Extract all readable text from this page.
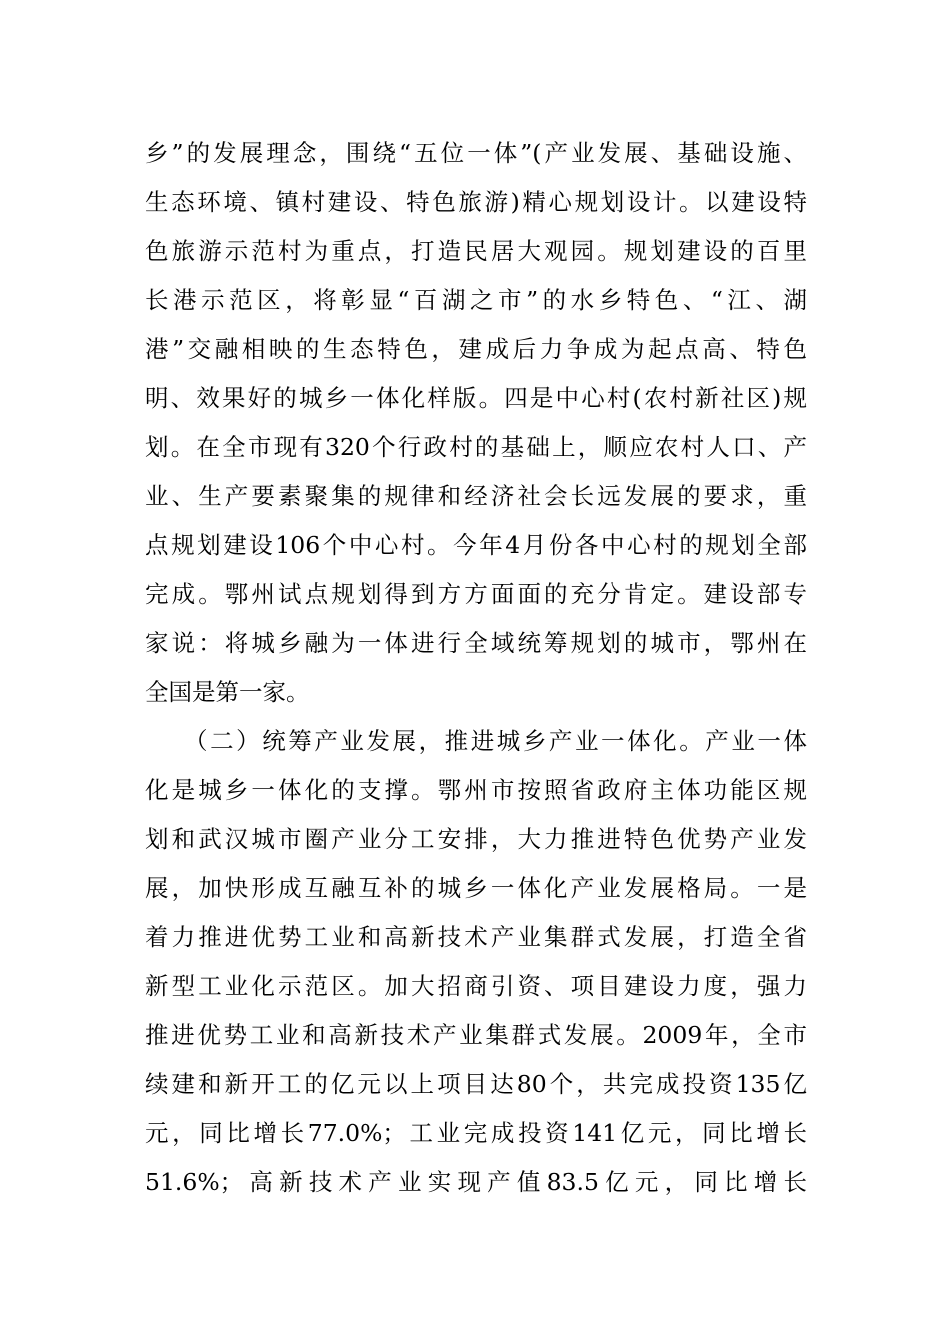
乡”的发展理念，围绕“五位一体”(产业发展、基础设施、
生态环境、镇村建设、特色旅游)精心规划设计。以建设特
色旅游示范村为重点，打造民居大观园。规划建设的百里
长港示范区，将彰显“百湖之市”的水乡特色、“江、湖
港”交融相映的生态特色，建成后力争成为起点高、特色
明、效果好的城乡一体化样版。四是中心村(农村新社区)规
划。在全市现有320个行政村的基础上，顺应农村人口、产
业、生产要素聚集的规律和经济社会长远发展的要求，重
点规划建设106个中心村。今年4月份各中心村的规划全部
完成。鄂州试点规划得到方方面面的充分肯定。建设部专
家说：将城乡融为一体进行全域统筹规划的城市，鄂州在
全国是第一家。
（二）统筹产业发展，推进城乡产业一体化。产业一体
化是城乡一体化的支撑。鄂州市按照省政府主体功能区规
划和武汉城市圈产业分工安排，大力推进特色优势产业发
展，加快形成互融互补的城乡一体化产业发展格局。一是
着力推进优势工业和高新技术产业集群式发展，打造全省
新型工业化示范区。加大招商引资、项目建设力度，强力
推进优势工业和高新技术产业集群式发展。2009年，全市
续建和新开工的亿元以上项目达80个，共完成投资135亿
元，同比增长77.0%；工业完成投资141亿元，同比增长
51.6%；高新技术产业实现产值83.5亿元，同比增长
